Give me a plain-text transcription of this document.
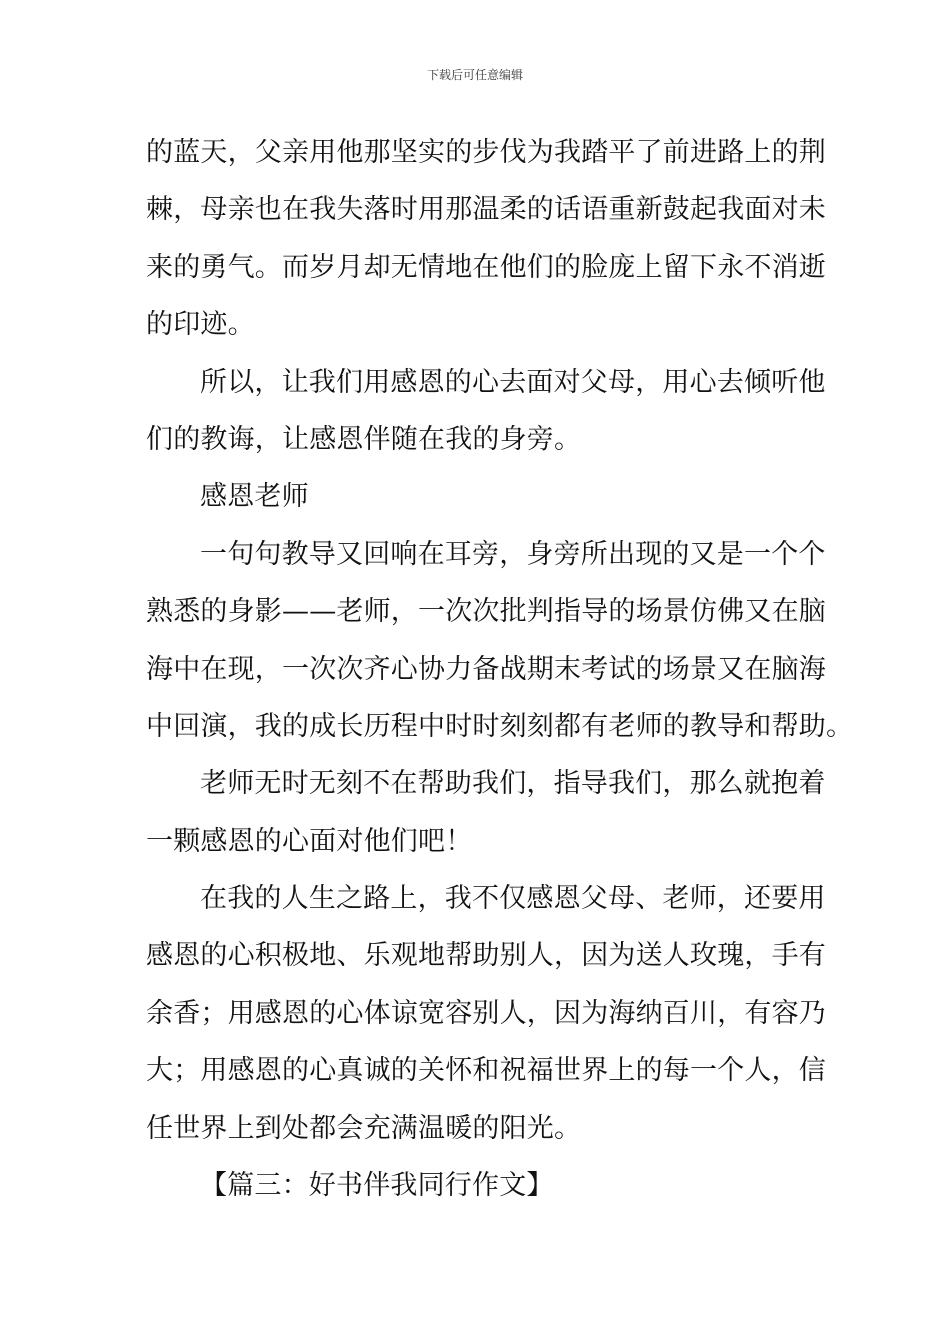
下载后可任意编辑
的蓝天，父亲用他那坚实的步伐为我踏平了前进路上的荆
棘，母亲也在我失落时用那温柔的话语重新鼓起我面对未
来的勇气。而岁月却无情地在他们的脸庞上留下永不消逝
的印迹。
所以，让我们用感恩的心去面对父母，用心去倾听他
们的教诲，让感恩伴随在我的身旁。
感恩老师
一句句教导又回响在耳旁，身旁所出现的又是一个个
熟悉的身影——老师，一次次批判指导的场景仿佛又在脑
海中在现，一次次齐心协力备战期末考试的场景又在脑海
中回演，我的成长历程中时时刻刻都有老师的教导和帮助。
老师无时无刻不在帮助我们，指导我们，那么就抱着
一颗感恩的心面对他们吧！
在我的人生之路上，我不仅感恩父母、老师，还要用
感恩的心积极地、乐观地帮助别人，因为送人玫瑰，手有
余香；用感恩的心体谅宽容别人，因为海纳百川，有容乃
大；用感恩的心真诚的关怀和祝福世界上的每一个人，信
任世界上到处都会充满温暖的阳光。
【篇三：好书伴我同行作文】
